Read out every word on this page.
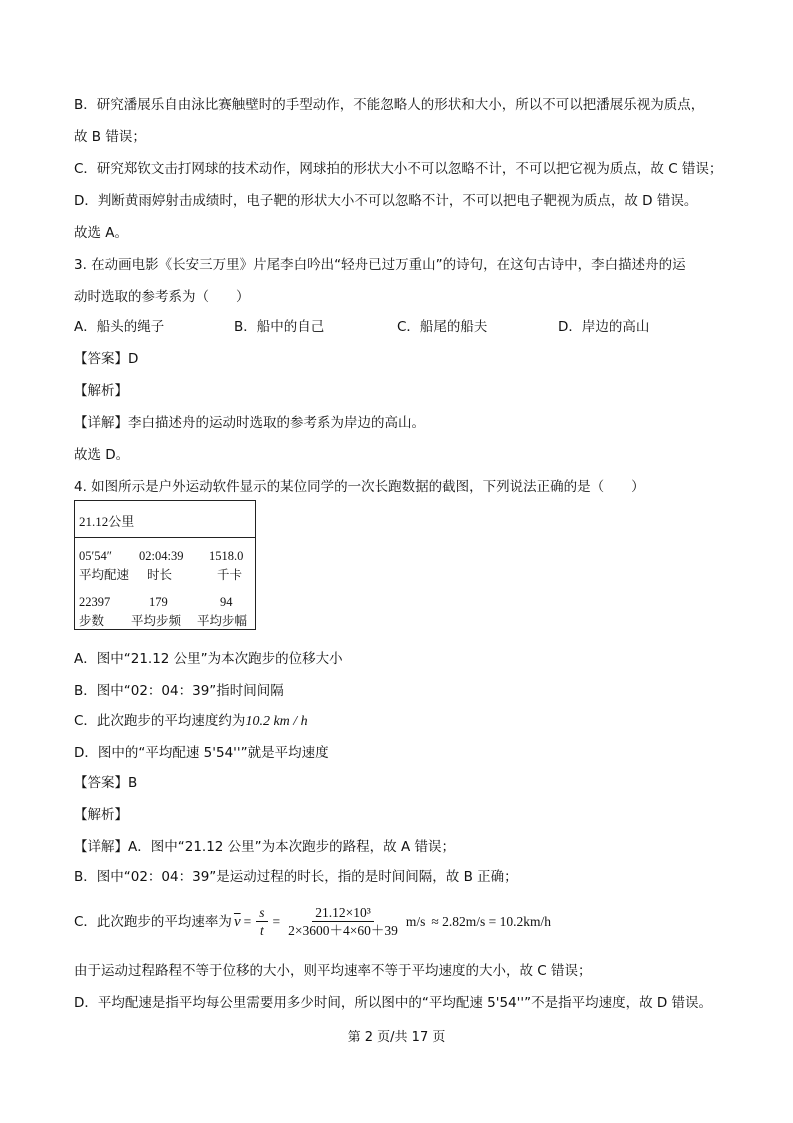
B．研究潘展乐自由泳比赛触壁时的手型动作，不能忽略人的形状和大小，所以不可以把潘展乐视为质点，
故 B 错误；
C．研究郑钦文击打网球的技术动作，网球拍的形状大小不可以忽略不计，不可以把它视为质点，故 C 错误；
D．判断黄雨婷射击成绩时，电子靶的形状大小不可以忽略不计，不可以把电子靶视为质点，故 D 错误。
故选 A。
3. 在动画电影《长安三万里》片尾李白吟出“轻舟已过万重山”的诗句，在这句古诗中，李白描述舟的运
动时选取的参考系为（　　）
A．船头的绳子	B．船中的自己	C．船尾的船夫	D．岸边的高山
【答案】D
【解析】
【详解】李白描述舟的运动时选取的参考系为岸边的高山。
故选 D。
4. 如图所示是户外运动软件显示的某位同学的一次长跑数据的截图，下列说法正确的是（　　）
21.12公里
05′54″ 02:04:39 1518.0
平均配速 时长	千卡
22397	179	94
步数 平均步频 平均步幅
A．图中“21.12 公里”为本次跑步的位移大小
B．图中“02：04：39”指时间间隔
C．此次跑步的平均速度约为10.2 km / h
D．图中的“平均配速 5'54''”就是平均速度
【答案】B
【解析】
【详解】A．图中“21.12 公里”为本次跑步的路程，故 A 错误；
B．图中“02：04：39”是运动过程的时长，指的是时间间隔，故 B 正确；
C．此次跑步的平均速率为 $\overline{v} = \frac{s}{t} = \frac{\text{21.12×10³}}{2\times 3600+4\times 60+39} m/s \approx 2.82m/s = 10.2km/h$
由于运动过程路程不等于位移的大小，则平均速率不等于平均速度的大小，故 C 错误；
D．平均配速是指平均每公里需要用多少时间，所以图中的“平均配速 5'54''”不是指平均速度，故 D 错误。
第 2 页/共 17 页
